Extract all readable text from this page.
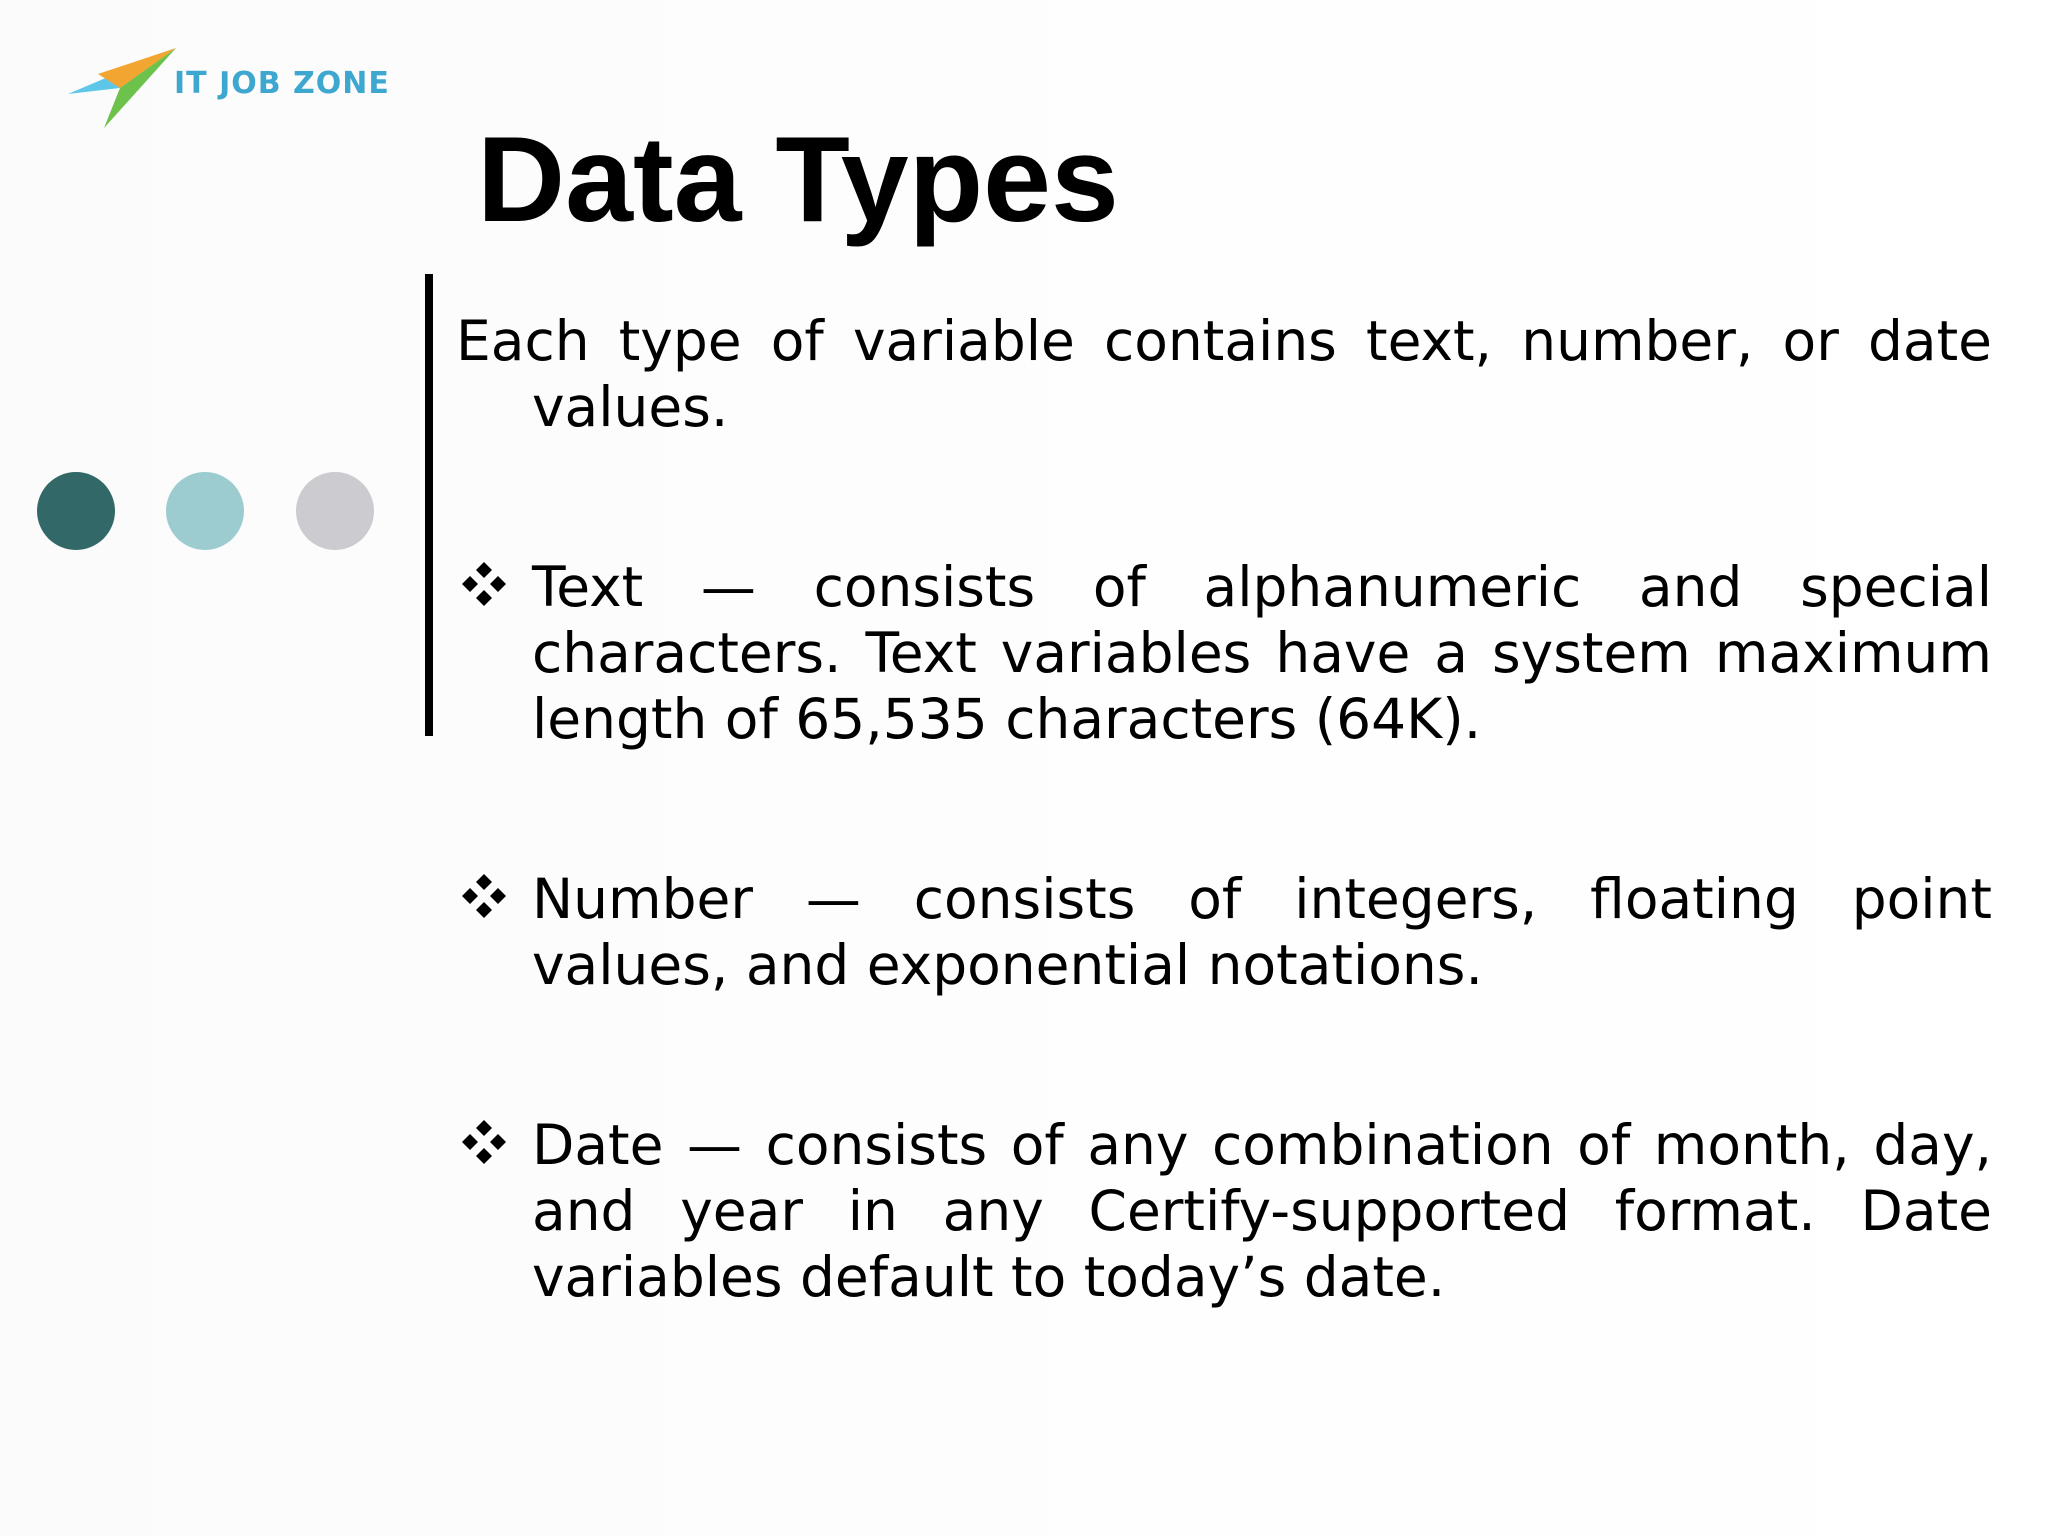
IT JOB ZONE
Data Types
Each type of variable contains text, number, or date values.
Text — consists of alphanumeric and special characters. Text variables have a system maximum length of 65,535 characters (64K).
Number — consists of integers, floating point values, and exponential notations.
Date — consists of any combination of month, day, and year in any Certify-supported format. Date variables default to today’s date.
